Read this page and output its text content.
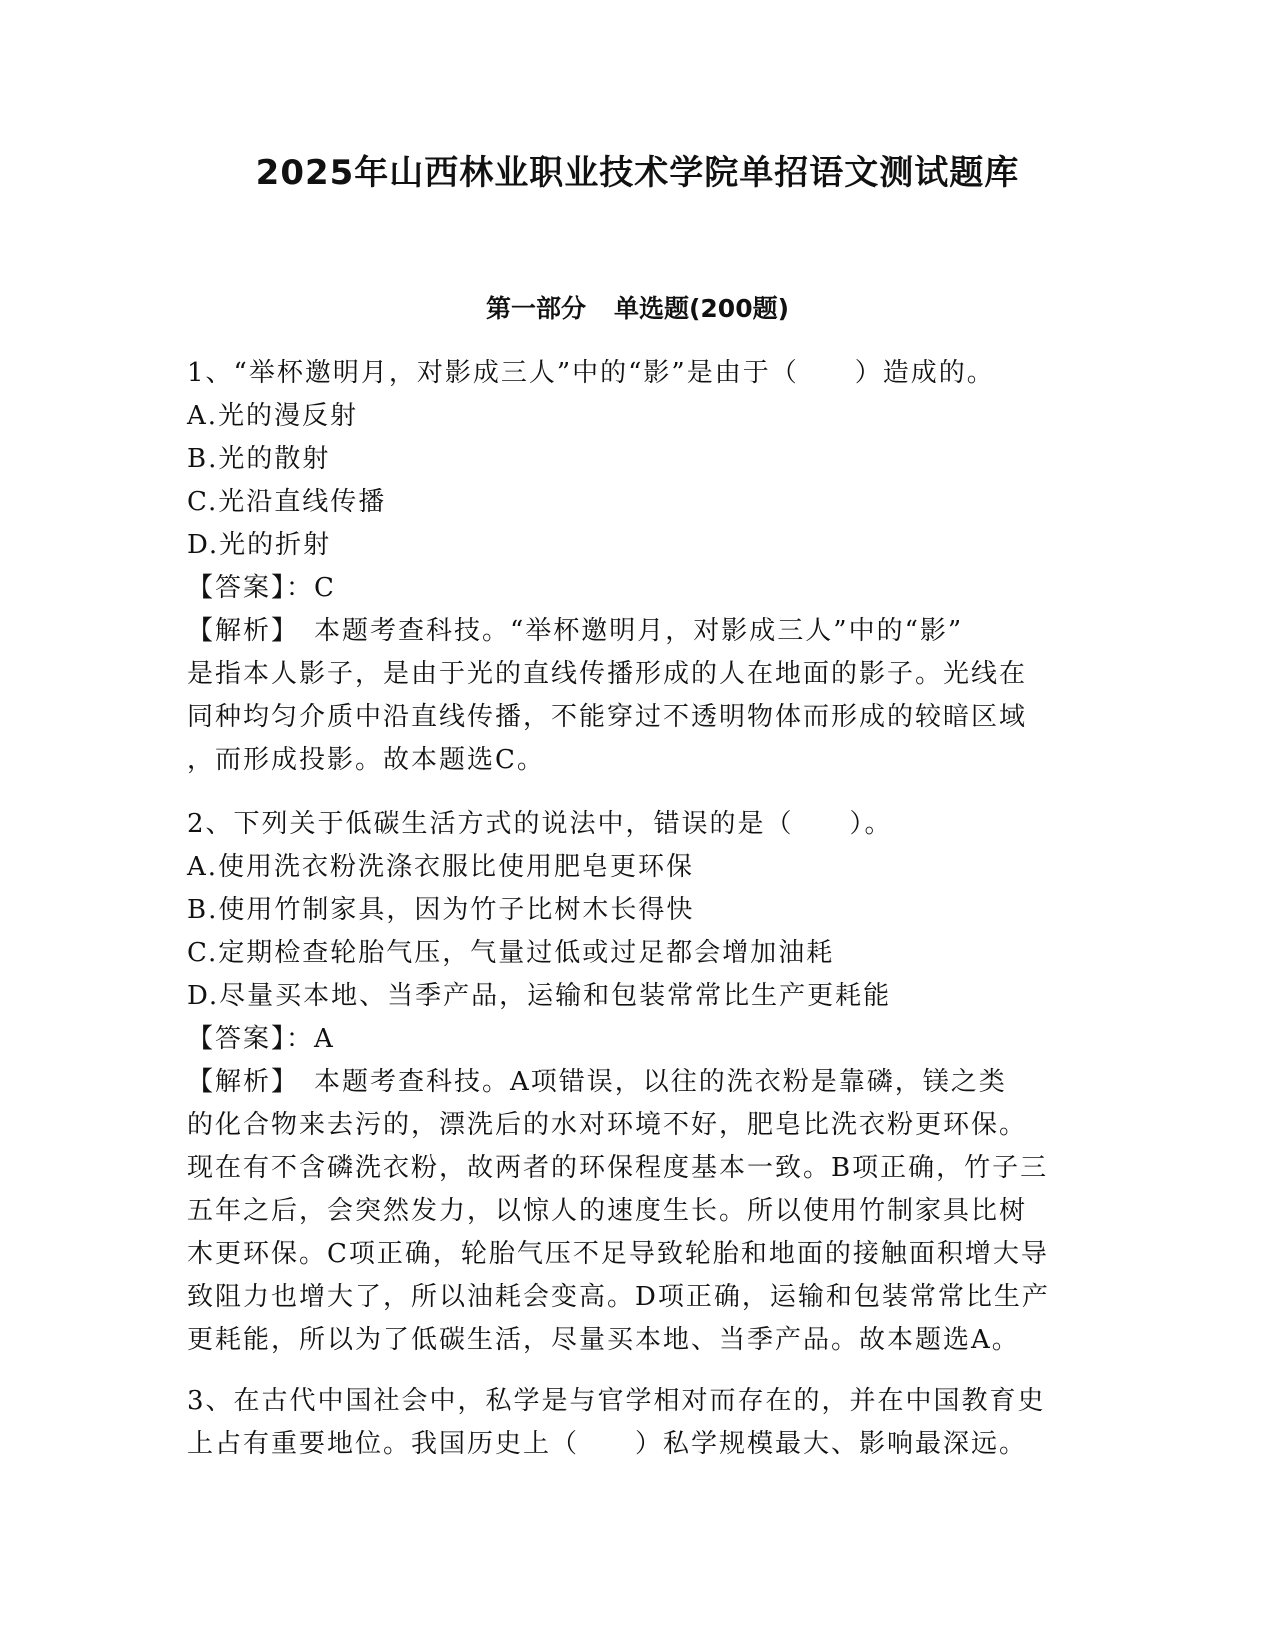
2025年山西林业职业技术学院单招语文测试题库
第一部分 单选题(200题)
1、“举杯邀明月，对影成三人”中的“影”是由于（　　）造成的。
A.光的漫反射
B.光的散射
C.光沿直线传播
D.光的折射
【答案】：C
【解析】　本题考查科技。“举杯邀明月，对影成三人”中的“影”
是指本人影子，是由于光的直线传播形成的人在地面的影子。光线在
同种均匀介质中沿直线传播，不能穿过不透明物体而形成的较暗区域
，而形成投影。故本题选C。
2、下列关于低碳生活方式的说法中，错误的是（　　）。
A.使用洗衣粉洗涤衣服比使用肥皂更环保
B.使用竹制家具，因为竹子比树木长得快
C.定期检查轮胎气压，气量过低或过足都会增加油耗
D.尽量买本地、当季产品，运输和包装常常比生产更耗能
【答案】：A
【解析】　本题考查科技。A项错误，以往的洗衣粉是靠磷，镁之类
的化合物来去污的，漂洗后的水对环境不好，肥皂比洗衣粉更环保。
现在有不含磷洗衣粉，故两者的环保程度基本一致。B项正确，竹子三
五年之后，会突然发力，以惊人的速度生长。所以使用竹制家具比树
木更环保。C项正确，轮胎气压不足导致轮胎和地面的接触面积增大导
致阻力也增大了，所以油耗会变高。D项正确，运输和包装常常比生产
更耗能，所以为了低碳生活，尽量买本地、当季产品。故本题选A。
3、在古代中国社会中，私学是与官学相对而存在的，并在中国教育史
上占有重要地位。我国历史上（　　）私学规模最大、影响最深远。
